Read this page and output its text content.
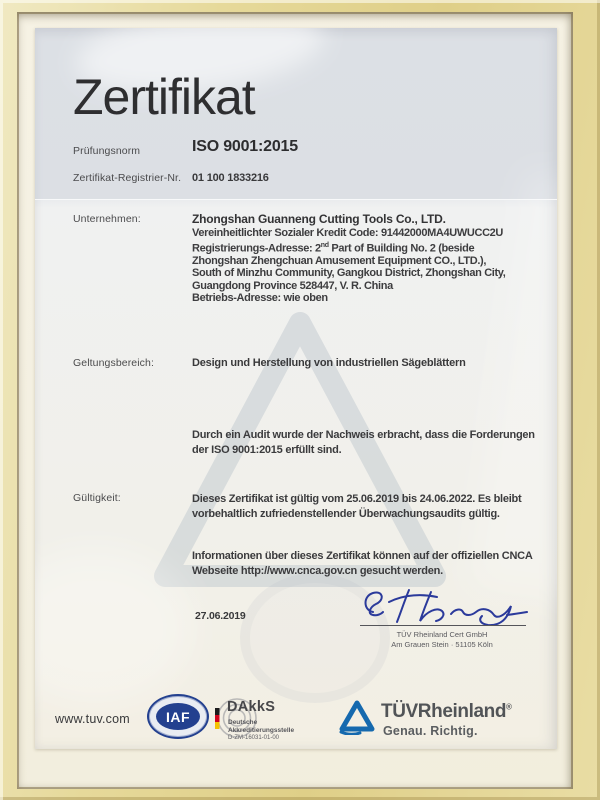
Zertifikat
Prüfungsnorm	ISO 9001:2015
Zertifikat-Registrier-Nr. 01 100 1833216
Unternehmen:	Zhongshan Guanneng Cutting Tools Co., LTD.
Vereinheitlichter Sozialer Kredit Code: 91442000MA4UWUCC2U
Registrierungs-Adresse: 2nd Part of Building No. 2 (beside
Zhongshan Zhengchuan Amusement Equipment CO., LTD.),
South of Minzhu Community, Gangkou District, Zhongshan City,
Guangdong Province 528447, V. R. China
Betriebs-Adresse: wie oben
Geltungsbereich:	Design und Herstellung von industriellen Sägeblättern
Durch ein Audit wurde der Nachweis erbracht, dass die Forderungen der ISO 9001:2015 erfüllt sind.
Gültigkeit:	Dieses Zertifikat ist gültig vom 25.06.2019 bis 24.06.2022. Es bleibt vorbehaltlich zufriedenstellender Überwachungsaudits gültig.
Informationen über dieses Zertifikat können auf der offiziellen CNCA Webseite http://www.cnca.gov.cn gesucht werden.
27.06.2019
TÜV Rheinland Cert GmbH
Am Grauen Stein · 51105 Köln
www.tuv.com	IAF
DAkkS
Deutsche
Akkreditierungsstelle
D-ZM-16031-01-00
TÜVRheinland®
Genau. Richtig.
